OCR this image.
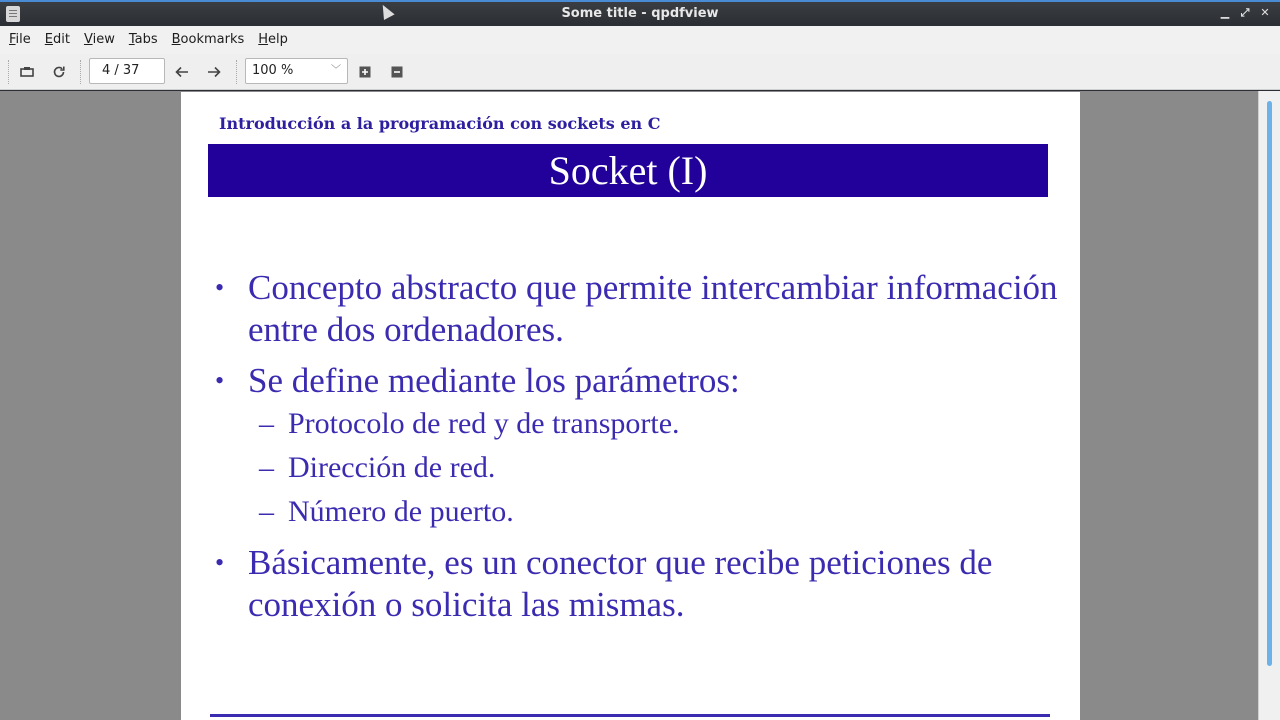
Some title - qpdfview	▁ ⤢ ✕
File	Edit	View	Tabs	Bookmarks	Help
4 / 37	100 %	﹀
Introducción a la programación con sockets en C
Socket (I)
• Concepto abstracto que permite intercambiar información entre dos ordenadores.
• Se define mediante los parámetros:
– Protocolo de red y de transporte.
– Dirección de red.
– Número de puerto.
• Básicamente, es un conector que recibe peticiones de conexión o solicita las mismas.
